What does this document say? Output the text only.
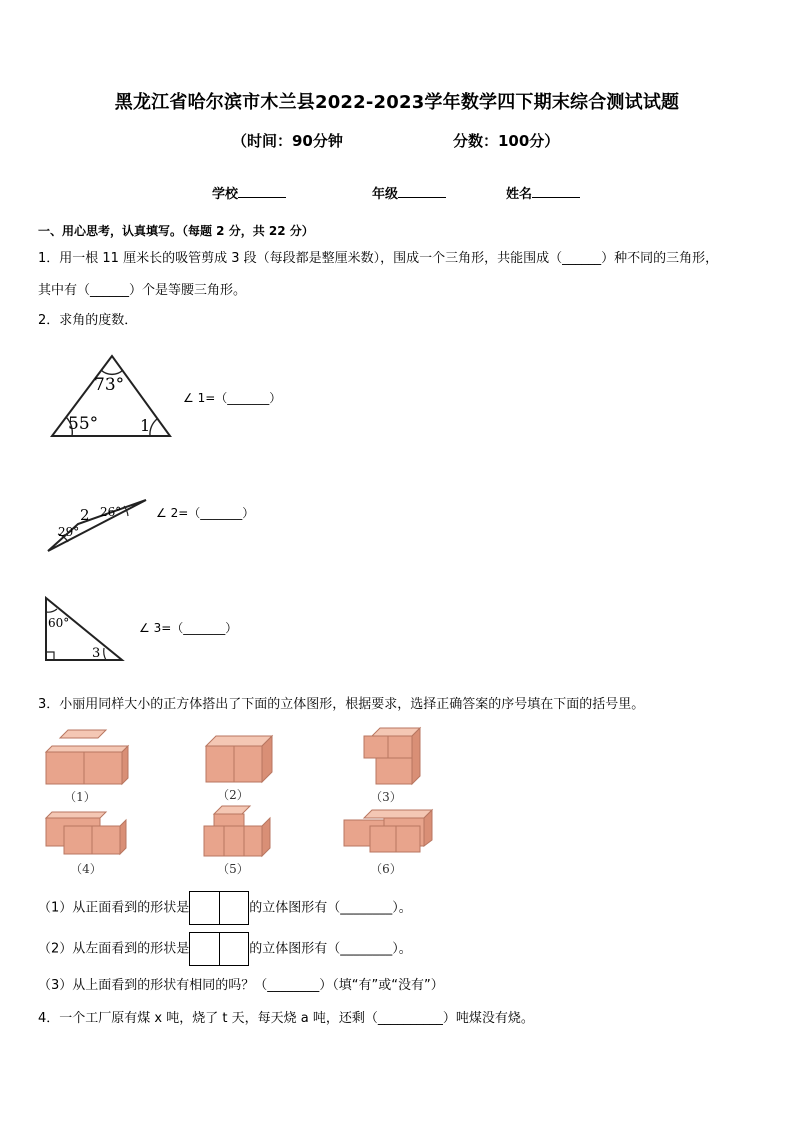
黑龙江省哈尔滨市木兰县2022-2023学年数学四下期末综合测试试题
（时间：90分钟	分数：100分）
学校	年级	姓名
一、用心思考，认真填写。（每题 2 分，共 22 分）
1．用一根 11 厘米长的吸管剪成 3 段（每段都是整厘米数），围成一个三角形，共能围成（______）种不同的三角形，
其中有（______）个是等腰三角形。
2．求角的度数．
73°
55°	1
∠ 1=（_______）
2 26°
29°
∠ 2=（_______）
60°
3
∠ 3=（_______）
3．小丽用同样大小的正方体搭出了下面的立体图形，根据要求，选择正确答案的序号填在下面的括号里。
（1）	（2）	（3）
（4）	（5）	（6）
（1）从正面看到的形状是	的立体图形有（________）。
（2）从左面看到的形状是	的立体图形有（________）。
（3）从上面看到的形状有相同的吗？（________）（填“有”或“没有”）
4．一个工厂原有煤 x 吨，烧了 t 天，每天烧 a 吨，还剩（__________）吨煤没有烧。
